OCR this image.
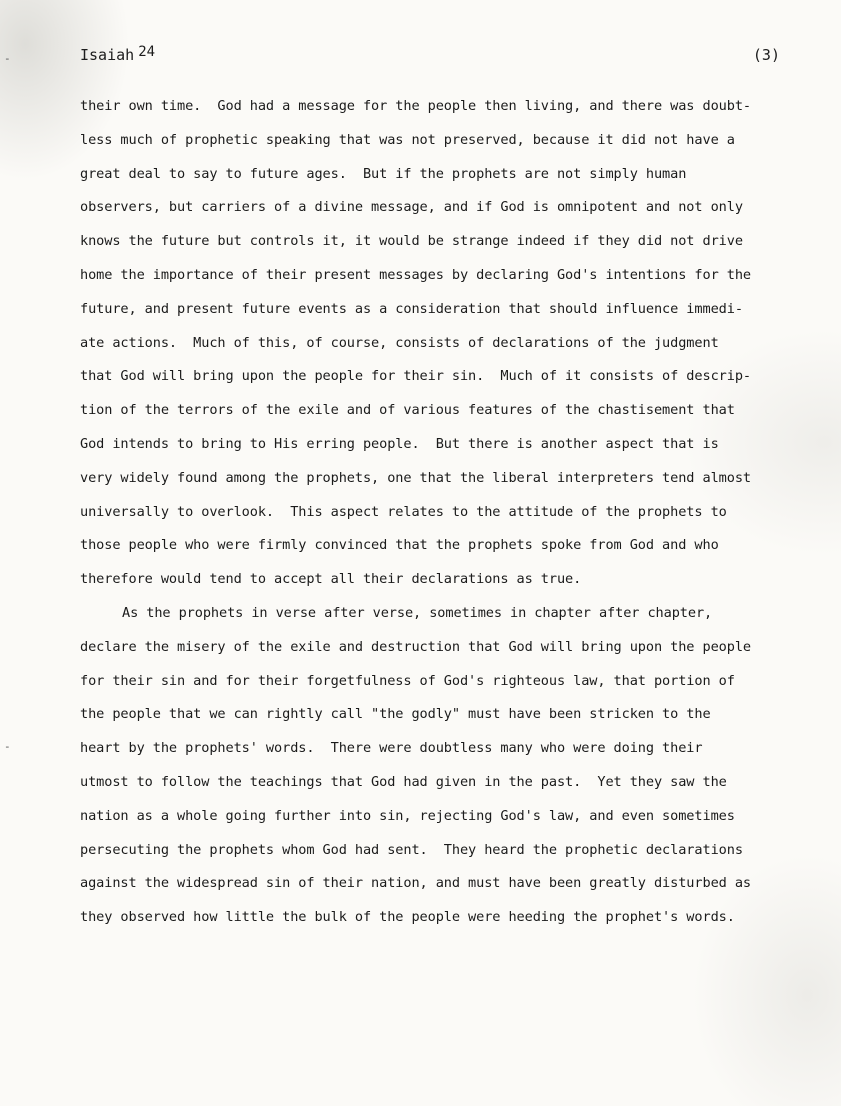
-
-
Isaiah 24	(3)
their own time.  God had a message for the people then living, and there was doubt-
less much of prophetic speaking that was not preserved, because it did not have a
great deal to say to future ages.  But if the prophets are not simply human
observers, but carriers of a divine message, and if God is omnipotent and not only
knows the future but controls it, it would be strange indeed if they did not drive
home the importance of their present messages by declaring God's intentions for the
future, and present future events as a consideration that should influence immedi-
ate actions.  Much of this, of course, consists of declarations of the judgment
that God will bring upon the people for their sin.  Much of it consists of descrip-
tion of the terrors of the exile and of various features of the chastisement that
God intends to bring to His erring people.  But there is another aspect that is
very widely found among the prophets, one that the liberal interpreters tend almost
universally to overlook.  This aspect relates to the attitude of the prophets to
those people who were firmly convinced that the prophets spoke from God and who
therefore would tend to accept all their declarations as true.
As the prophets in verse after verse, sometimes in chapter after chapter,
declare the misery of the exile and destruction that God will bring upon the people
for their sin and for their forgetfulness of God's righteous law, that portion of
the people that we can rightly call "the godly" must have been stricken to the
heart by the prophets' words.  There were doubtless many who were doing their
utmost to follow the teachings that God had given in the past.  Yet they saw the
nation as a whole going further into sin, rejecting God's law, and even sometimes
persecuting the prophets whom God had sent.  They heard the prophetic declarations
against the widespread sin of their nation, and must have been greatly disturbed as
they observed how little the bulk of the people were heeding the prophet's words.
